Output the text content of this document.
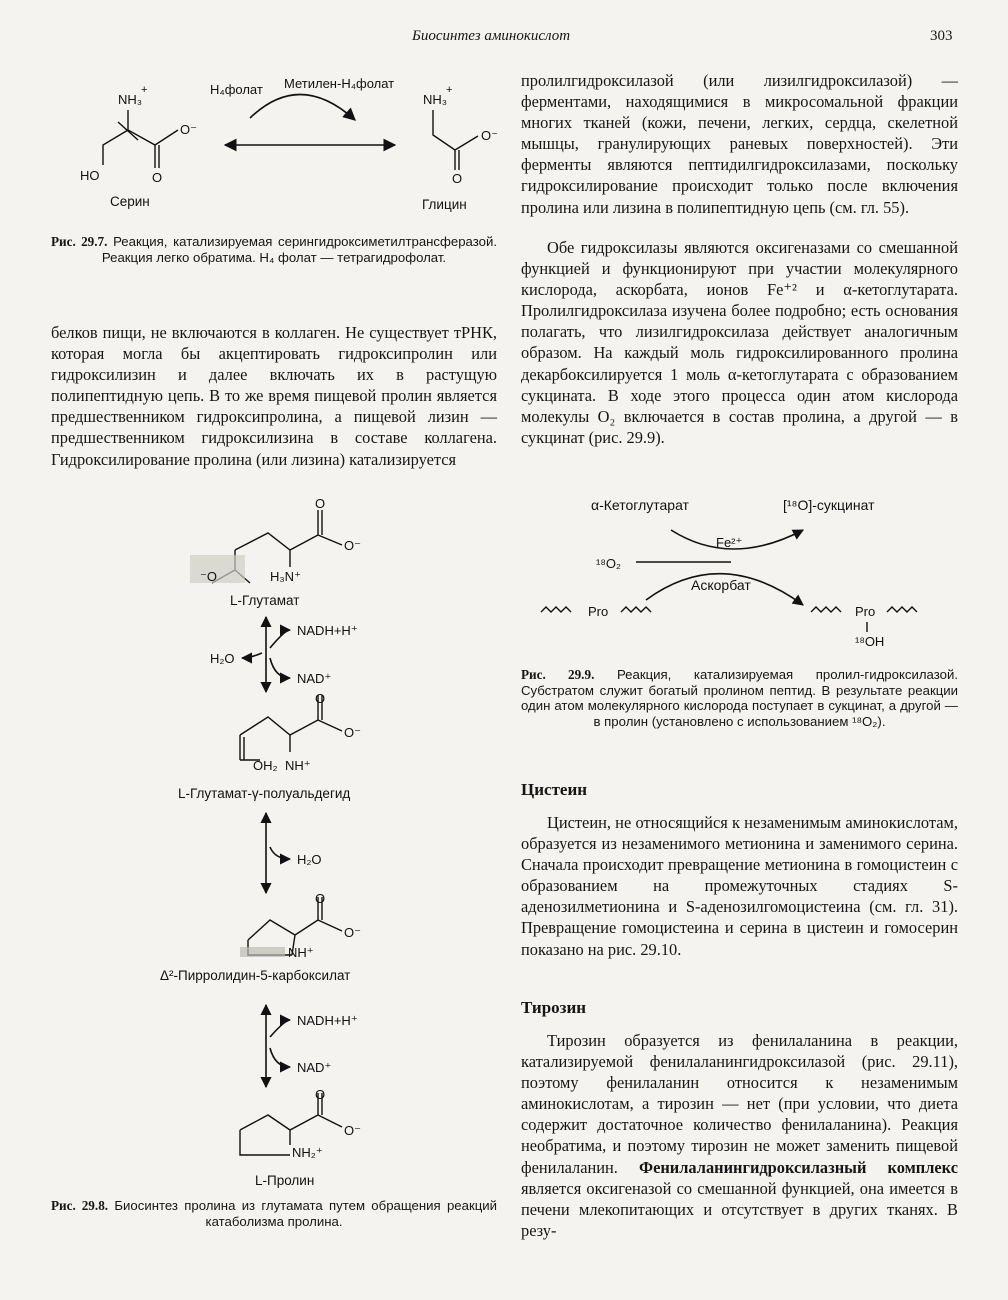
Биосинтез аминокислот	303
NH₃
+
O⁻
O
HO
Серин
H₄фолат Метилен-H₄фолат
NH₃
+
O⁻
O
Глицин
Рис. 29.7. Реакция, катализируемая серингидроксиметилтрансферазой. Реакция легко обратима. H₄ фолат — тетрагидрофолат.
белков пищи, не включаются в коллаген. Не существует тРНК, которая могла бы акцептировать гидроксипролин или гидроксилизин и далее включать их в растущую полипептидную цепь. В то же время пищевой пролин является предшественником гидроксипролина, а пищевой лизин — предшественником гидроксилизина в составе коллагена. Гидроксилирование пролина (или лизина) катализируется
O
O⁻
⁻O	H₃N⁺
L-Глутамат
NADH+H⁺
H₂O
NAD⁺
O
O⁻
OH₂ NH⁺
L-Глутамат-γ-полуальдегид
H₂O
O
O⁻
NH⁺
Δ²-Пирролидин-5-карбоксилат
NADH+H⁺
NAD⁺
O
O⁻
NH₂⁺
L-Пролин
Рис. 29.8. Биосинтез пролина из глутамата путем обращения реакций катаболизма пролина.
пролилгидроксилазой (или лизилгидроксилазой) — ферментами, находящимися в микросомальной фракции многих тканей (кожи, печени, легких, сердца, скелетной мышцы, гранулирующих раневых поверхностей). Эти ферменты являются пептидилгидроксилазами, поскольку гидроксилирование происходит только после включения пролина или лизина в полипептидную цепь (см. гл. 55).
Обе гидроксилазы являются оксигеназами со смешанной функцией и функционируют при участии молекулярного кислорода, аскорбата, ионов Fe⁺² и α-кетоглутарата. Пролилгидроксилаза изучена более подробно; есть основания полагать, что лизилгидроксилаза действует аналогичным образом. На каждый моль гидроксилированного пролина декарбоксилируется 1 моль α-кетоглутарата с образованием сукцината. В ходе этого процесса один атом кислорода молекулы O₂ включается в состав пролина, а другой — в сукцинат (рис. 29.9).
α-Кетоглутарат	[¹⁸O]-сукцинат
Fe²⁺
¹⁸O₂
Аскорбат
Pro	Pro
¹⁸OH
Рис. 29.9. Реакция, катализируемая пролил-гидроксилазой. Субстратом служит богатый пролином пептид. В результате реакции один атом молекулярного кислорода поступает в сукцинат, а другой — в пролин (установлено с использованием ¹⁸O₂).
Цистеин
Цистеин, не относящийся к незаменимым аминокислотам, образуется из незаменимого метионина и заменимого серина. Сначала происходит превращение метионина в гомоцистеин с образованием на промежуточных стадиях S-аденозилметионина и S-аденозилгомоцистеина (см. гл. 31). Превращение гомоцистеина и серина в цистеин и гомосерин показано на рис. 29.10.
Тирозин
Тирозин образуется из фенилаланина в реакции, катализируемой фенилаланингидроксилазой (рис. 29.11), поэтому фенилаланин относится к незаменимым аминокислотам, а тирозин — нет (при условии, что диета содержит достаточное количество фенилаланина). Реакция необратима, и поэтому тирозин не может заменить пищевой фенилаланин. Фенилаланингидроксилазный комплекс является оксигеназой со смешанной функцией, она имеется в печени млекопитающих и отсутствует в других тканях. В резу-
